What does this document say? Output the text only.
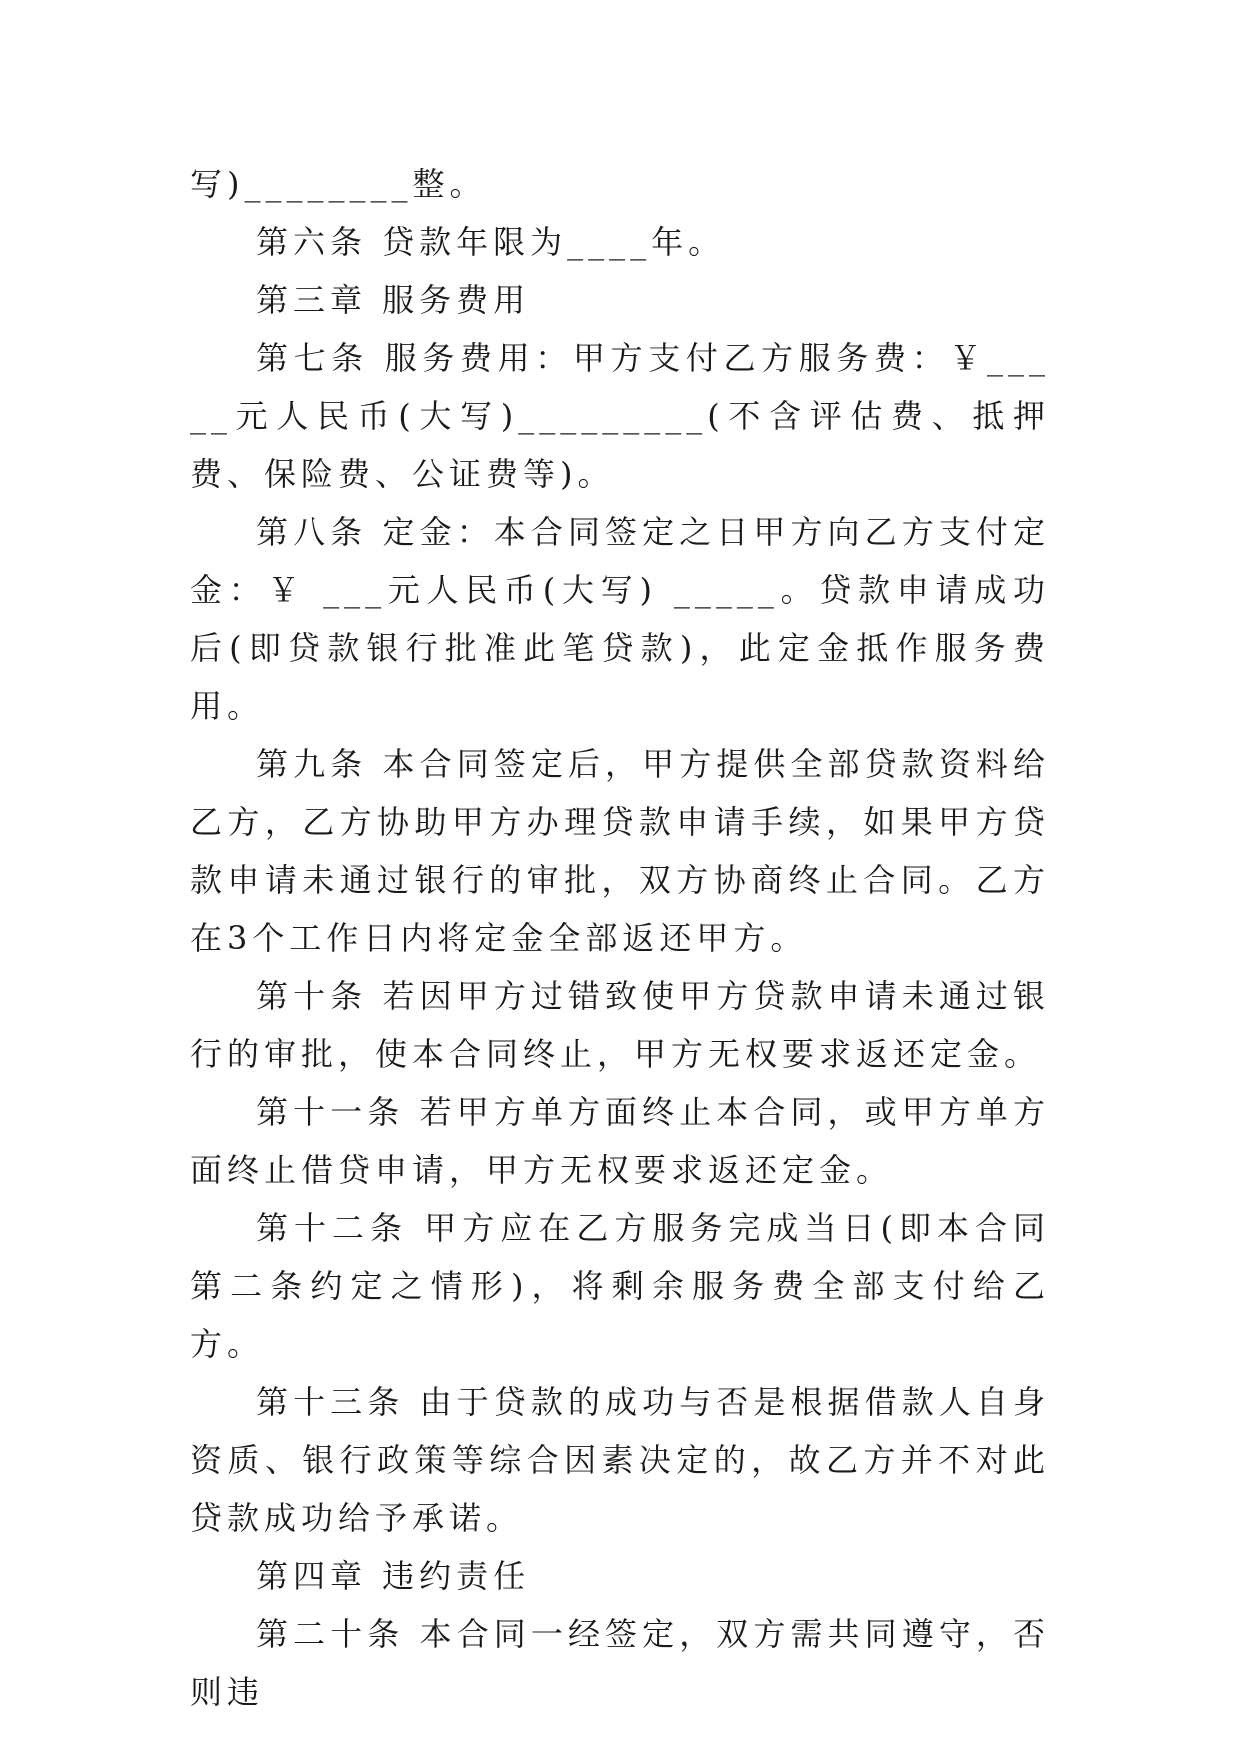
写)________整。

第六条 贷款年限为____年。

第三章 服务费用

第七条 服务费用：甲方支付乙方服务费：￥_____元人民币(大写)_________(不含评估费、抵押费、保险费、公证费等)。

第八条 定金：本合同签定之日甲方向乙方支付定金：￥ ___元人民币(大写) _____。贷款申请成功后(即贷款银行批准此笔贷款)，此定金抵作服务费用。

第九条 本合同签定后，甲方提供全部贷款资料给乙方，乙方协助甲方办理贷款申请手续，如果甲方贷款申请未通过银行的审批，双方协商终止合同。乙方在3个工作日内将定金全部返还甲方。

第十条 若因甲方过错致使甲方贷款申请未通过银行的审批，使本合同终止，甲方无权要求返还定金。

第十一条 若甲方单方面终止本合同，或甲方单方面终止借贷申请，甲方无权要求返还定金。

第十二条 甲方应在乙方服务完成当日(即本合同第二条约定之情形)，将剩余服务费全部支付给乙方。

第十三条 由于贷款的成功与否是根据借款人自身资质、银行政策等综合因素决定的，故乙方并不对此贷款成功给予承诺。

第四章 违约责任

第二十条 本合同一经签定，双方需共同遵守，否则违
